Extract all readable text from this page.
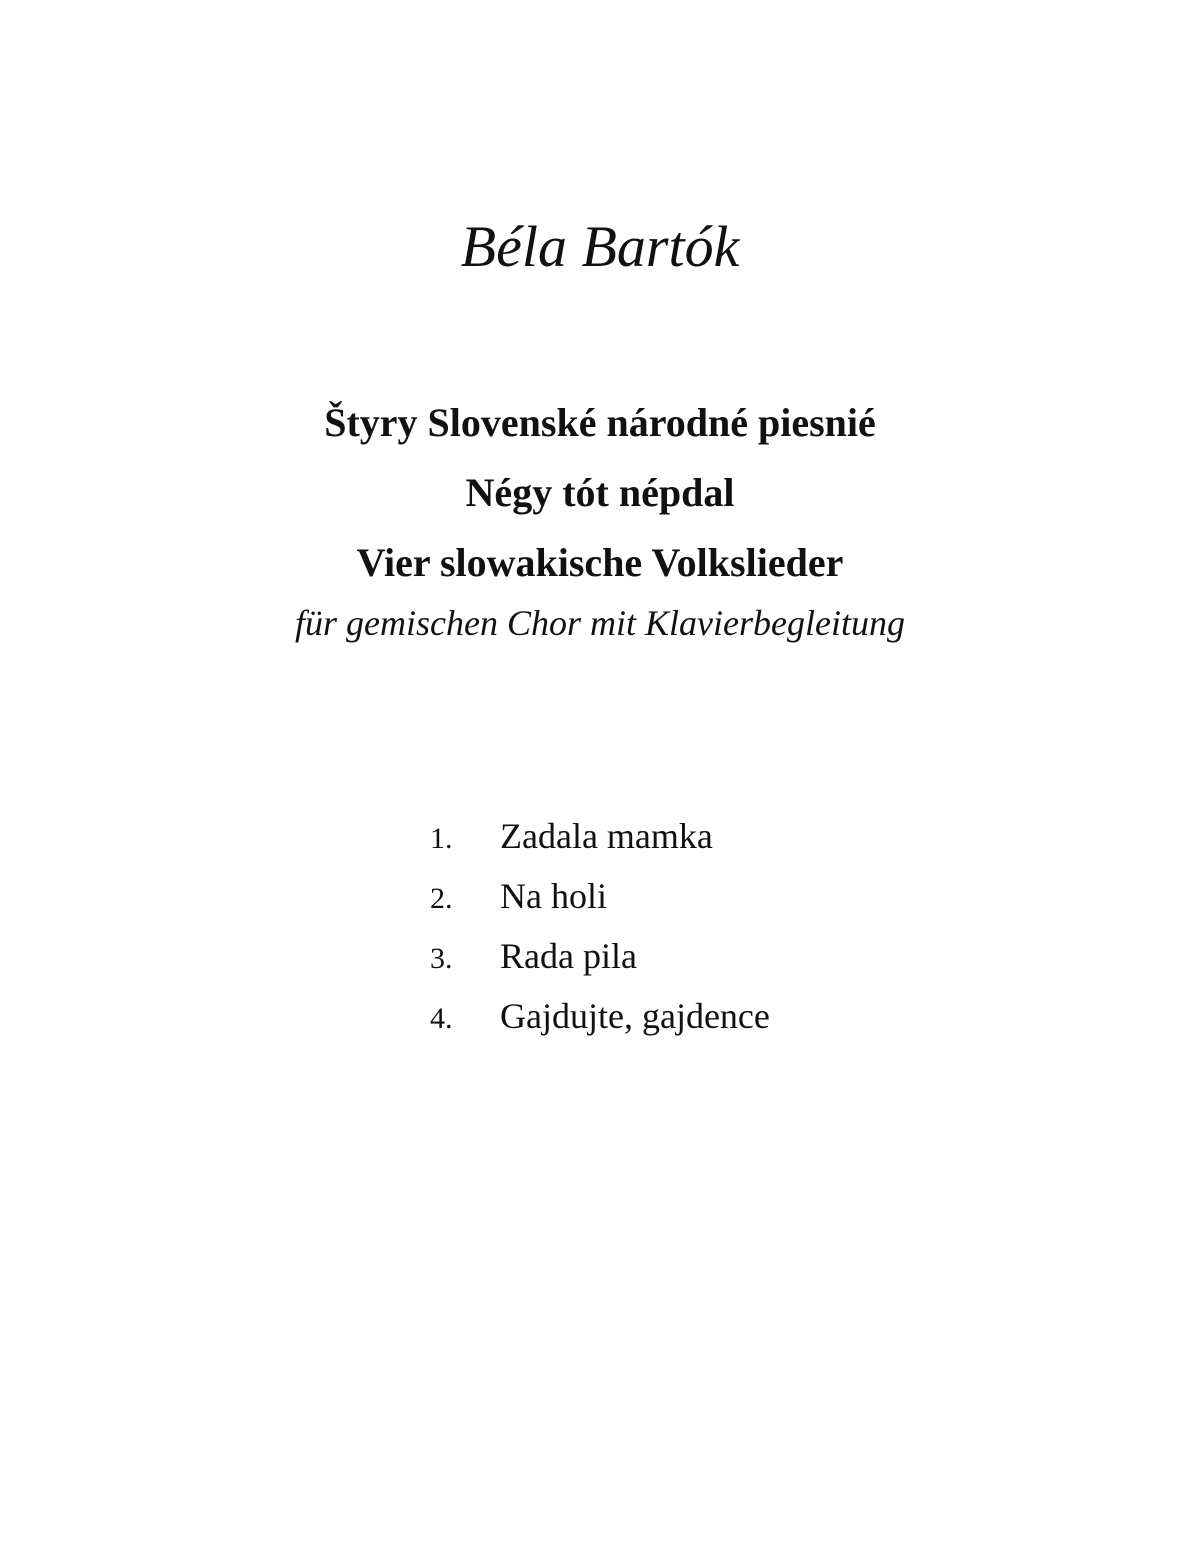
Béla Bartók

Štyry Slovenské národné piesnié

Négy tót népdal

Vier slowakische Volkslieder

für gemischen Chor mit Klavierbegleitung

1.	Zadala mamka
2.	Na holi
3.	Rada pila
4.	Gajdujte, gajdence
